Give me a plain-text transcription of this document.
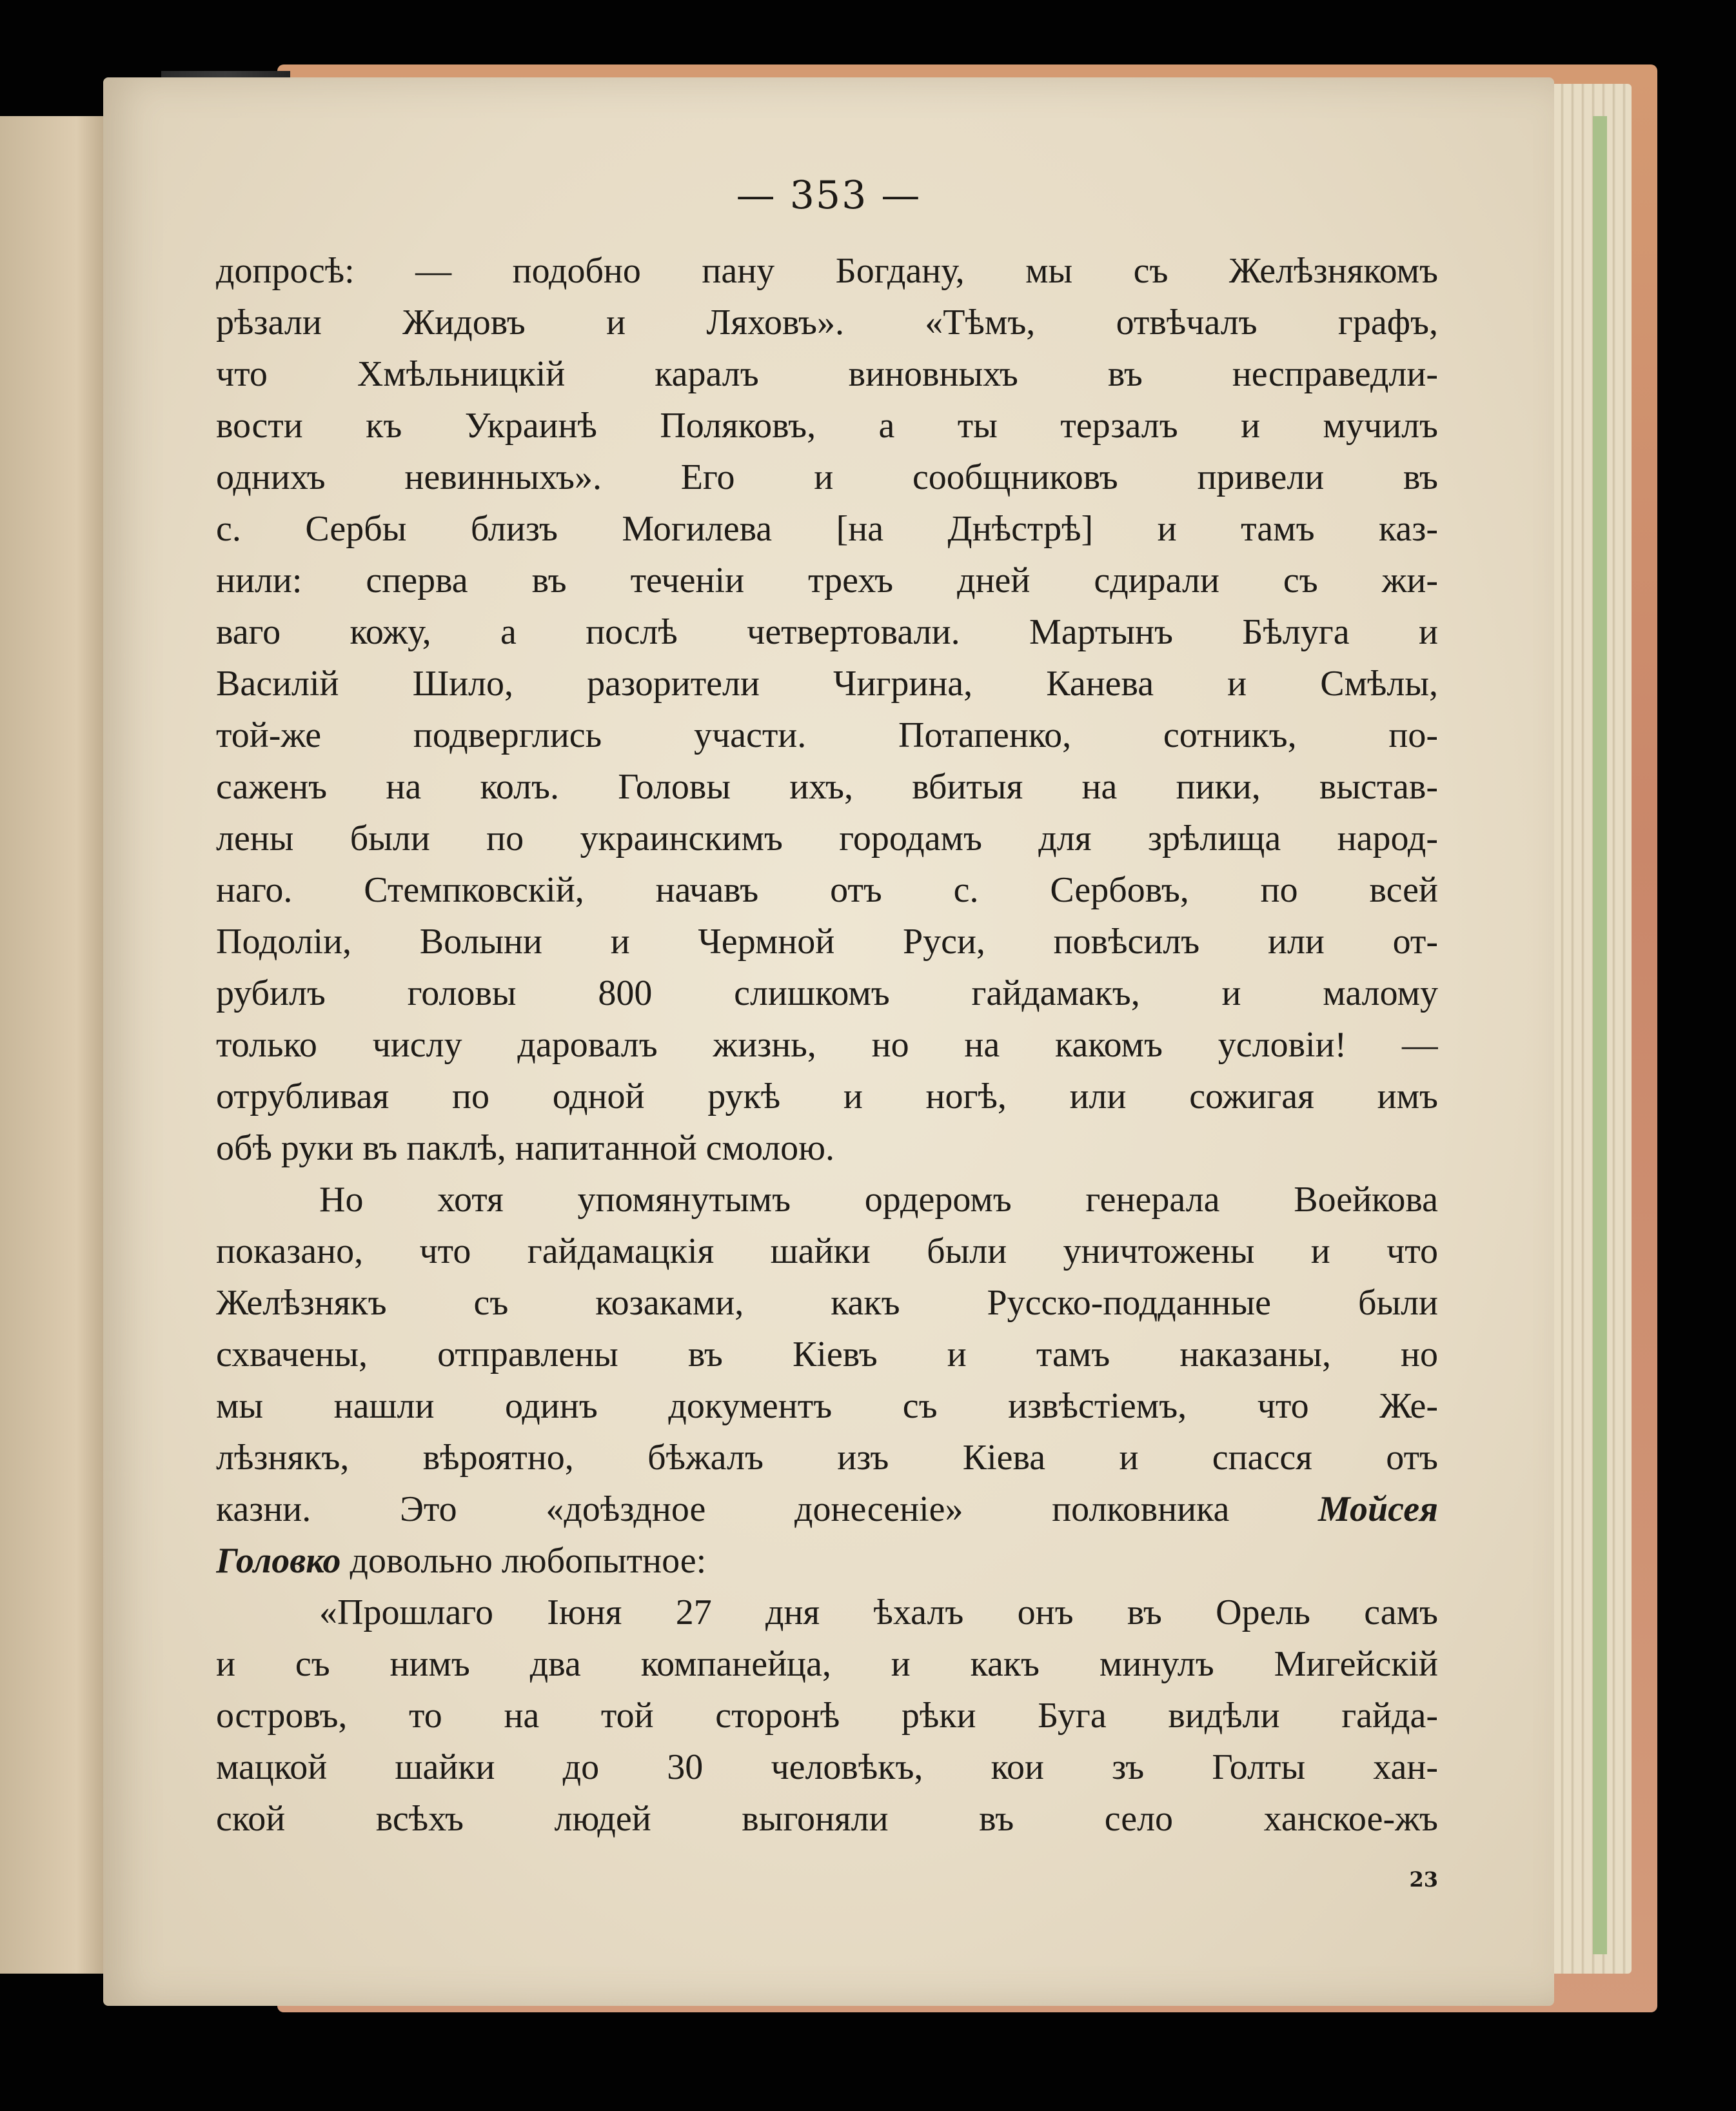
— 353 —
допросѣ: — подобно пану Богдану, мы съ Желѣзнякомъ
рѣзали Жидовъ и Ляховъ». «Тѣмъ, отвѣчалъ графъ,
что Хмѣльницкій каралъ виновныхъ въ несправедли-
вости къ Украинѣ Поляковъ, а ты терзалъ и мучилъ
однихъ невинныхъ». Его и сообщниковъ привели въ
с. Сербы близъ Могилева [на Днѣстрѣ] и тамъ каз-
нили: сперва въ теченіи трехъ дней сдирали съ жи-
ваго кожу, а послѣ четвертовали. Мартынъ Бѣлуга и
Василій Шило, разорители Чигрина, Канева и Смѣлы,
той-же подверглись участи. Потапенко, сотникъ, по-
саженъ на колъ. Головы ихъ, вбитыя на пики, выстав-
лены были по украинскимъ городамъ для зрѣлища народ-
наго. Стемпковскій, начавъ отъ с. Сербовъ, по всей
Подоліи, Волыни и Чермной Руси, повѣсилъ или от-
рубилъ головы 800 слишкомъ гайдамакъ, и малому
только числу даровалъ жизнь, но на какомъ условіи! —
отрубливая по одной рукѣ и ногѣ, или сожигая имъ
обѣ руки въ паклѣ, напитанной смолою.
Но хотя упомянутымъ ордеромъ генерала Воейкова
показано, что гайдамацкія шайки были уничтожены и что
Желѣзнякъ съ козаками, какъ Русско-подданные были
схвачены, отправлены въ Кіевъ и тамъ наказаны, но
мы нашли одинъ документъ съ извѣстіемъ, что Же-
лѣзнякъ, вѣроятно, бѣжалъ изъ Кіева и спасся отъ
казни. Это «доѣздное донесеніе» полковника Мойсея
Головко довольно любопытное:
«Прошлаго Іюня 27 дня ѣхалъ онъ въ Орель самъ
и съ нимъ два компанейца, и какъ минулъ Мигейскій
островъ, то на той сторонѣ рѣки Буга видѣли гайда-
мацкой шайки до 30 человѣкъ, кои зъ Голты хан-
ской всѣхъ людей выгоняли въ село ханское-жъ
23
